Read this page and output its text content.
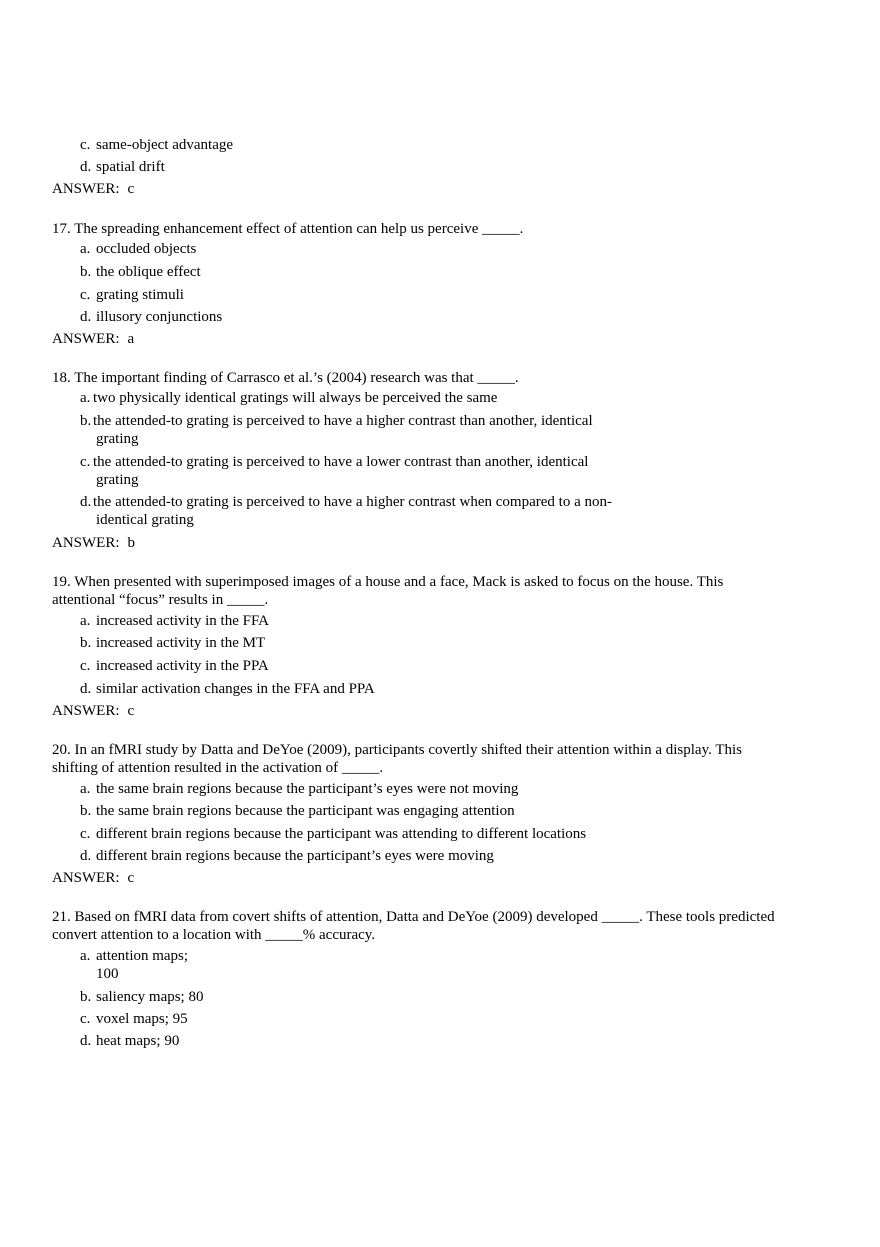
c. same-object advantage
d. spatial drift
ANSWER: c
17. The spreading enhancement effect of attention can help us perceive _____.
a. occluded objects
b. the oblique effect
c. grating stimuli
d. illusory conjunctions
ANSWER: a
18. The important finding of Carrasco et al.’s (2004) research was that _____.
a. two physically identical gratings will always be perceived the same
b. the attended-to grating is perceived to have a higher contrast than another, identical
grating
c. the attended-to grating is perceived to have a lower contrast than another, identical
grating
d. the attended-to grating is perceived to have a higher contrast when compared to a non-
identical grating
ANSWER: b
19. When presented with superimposed images of a house and a face, Mack is asked to focus on the house. This
attentional “focus” results in _____.
a. increased activity in the FFA
b. increased activity in the MT
c. increased activity in the PPA
d. similar activation changes in the FFA and PPA
ANSWER: c
20. In an fMRI study by Datta and DeYoe (2009), participants covertly shifted their attention within a display. This
shifting of attention resulted in the activation of _____.
a. the same brain regions because the participant’s eyes were not moving
b. the same brain regions because the participant was engaging attention
c. different brain regions because the participant was attending to different locations
d. different brain regions because the participant’s eyes were moving
ANSWER: c
21. Based on fMRI data from covert shifts of attention, Datta and DeYoe (2009) developed _____. These tools predicted
convert attention to a location with _____% accuracy.
a. attention maps;
100
b. saliency maps; 80
c. voxel maps; 95
d. heat maps; 90
